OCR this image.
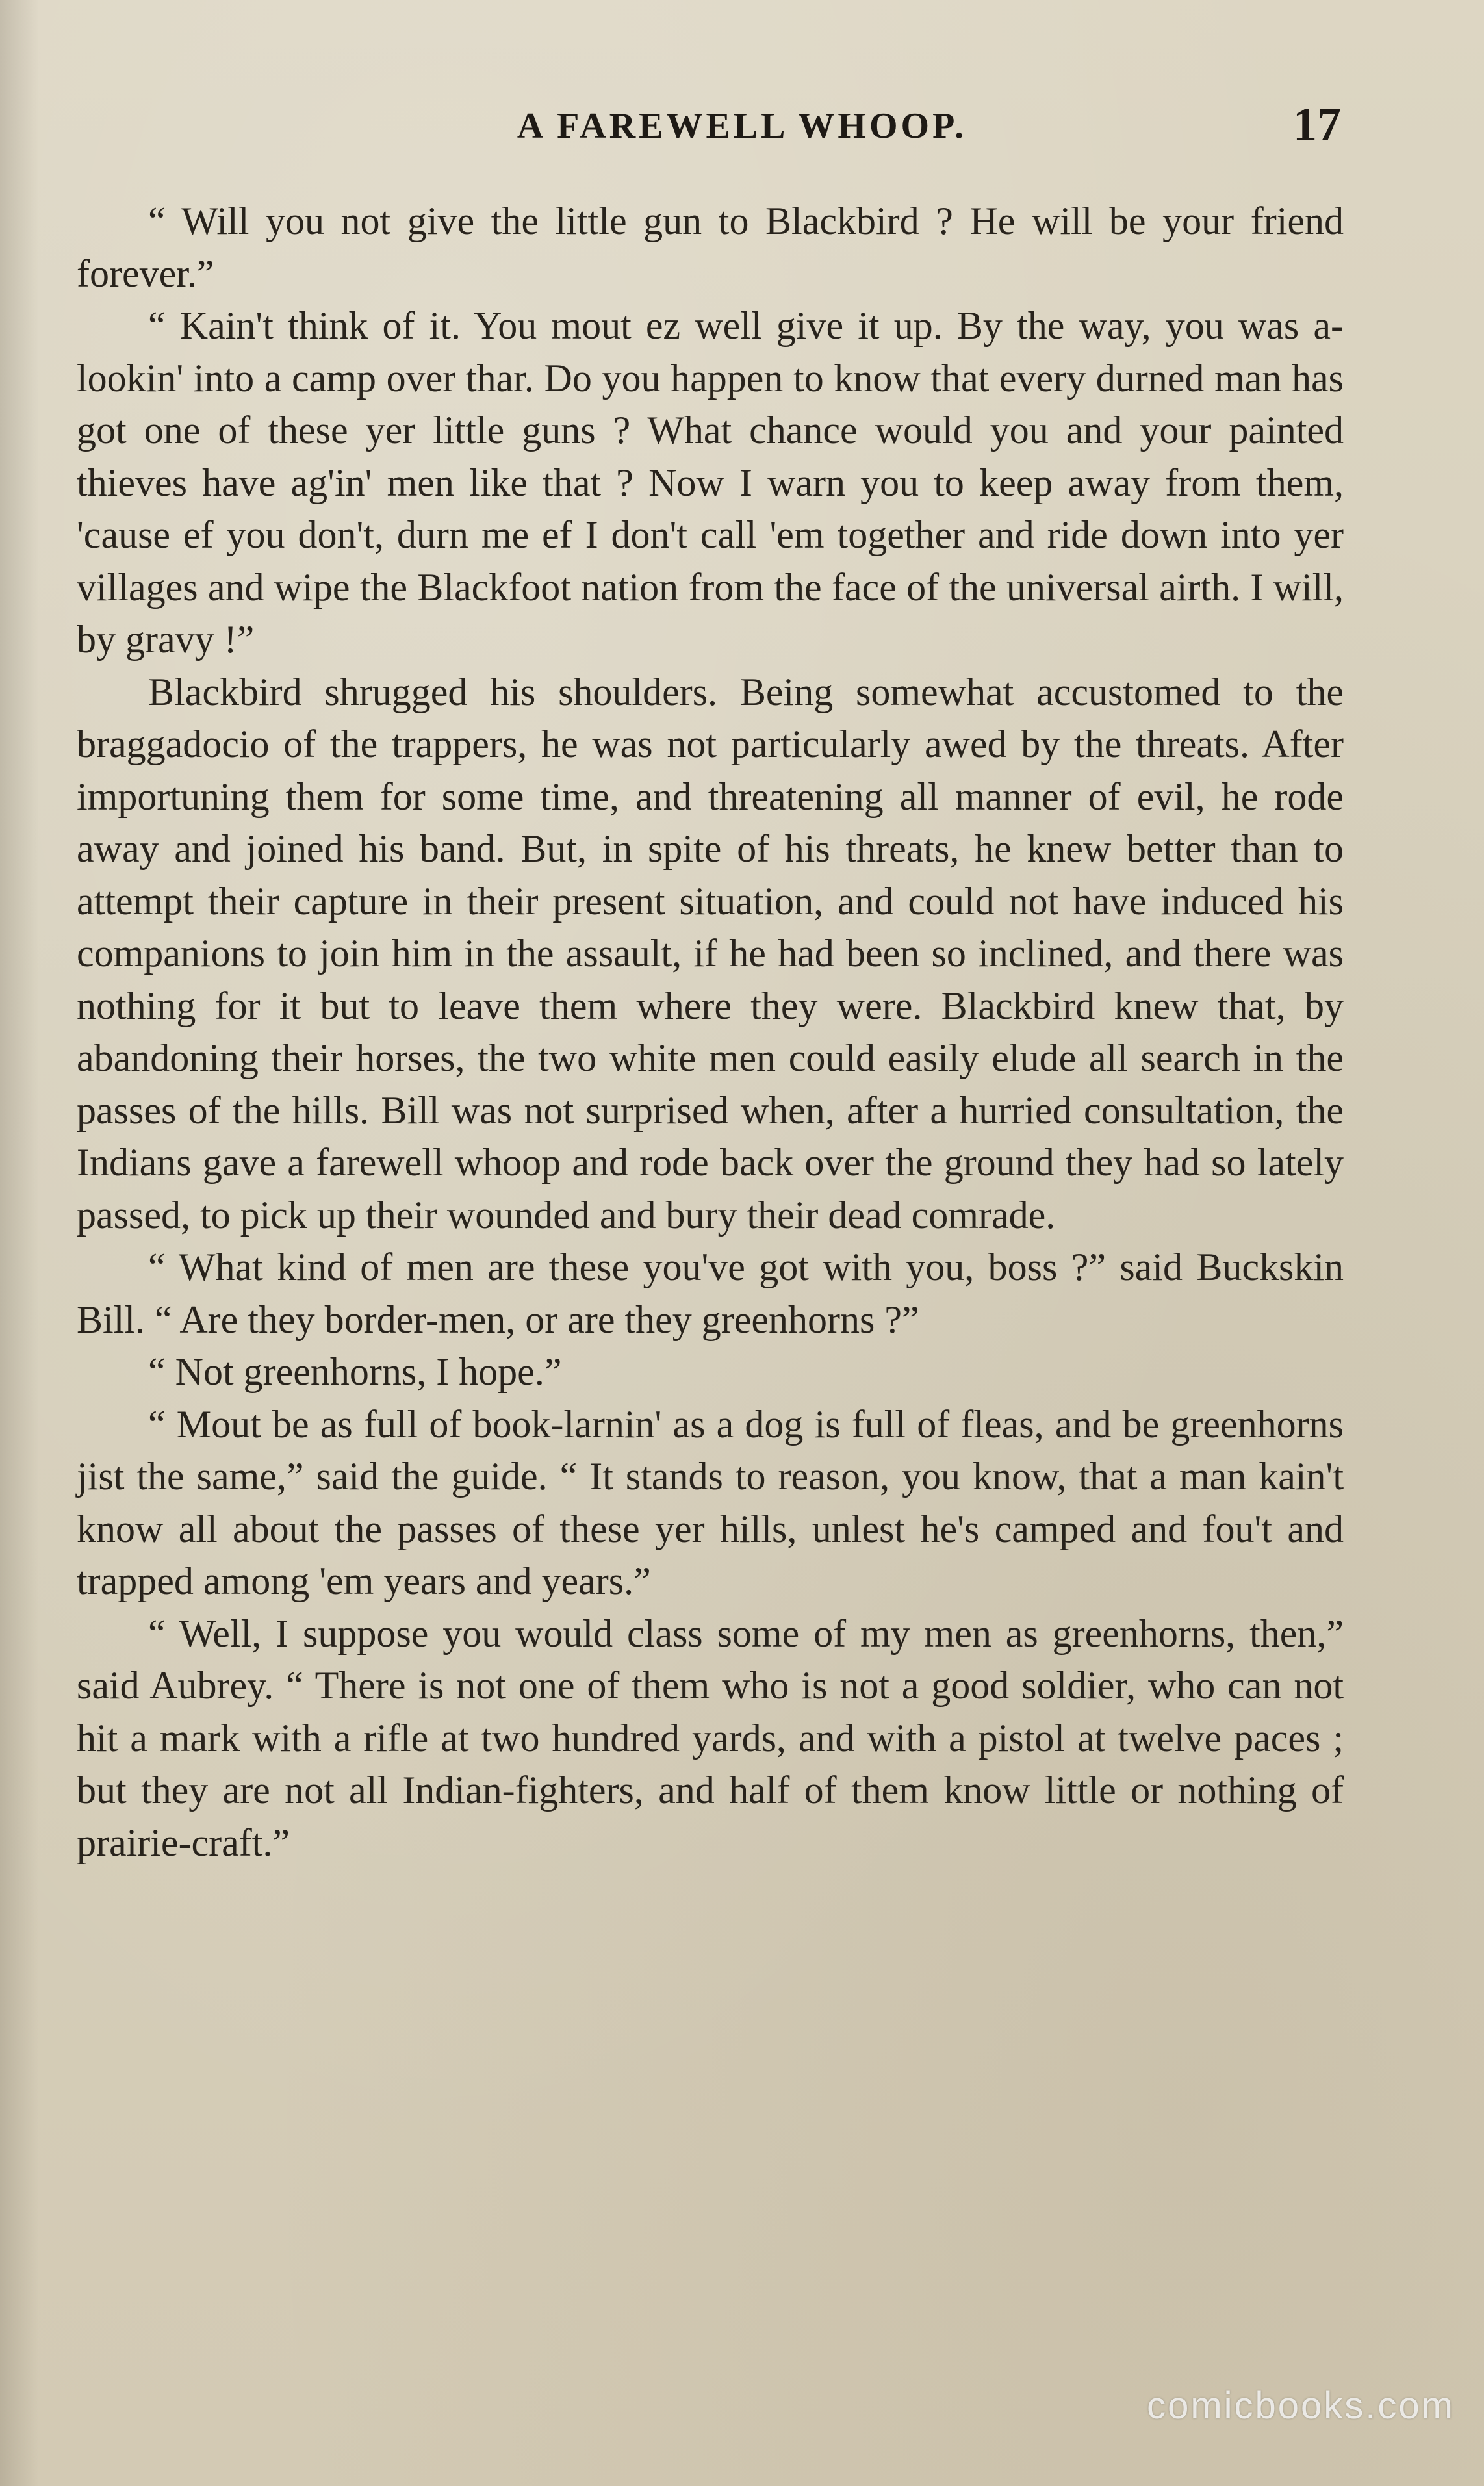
A FAREWELL WHOOP.	17

“ Will you not give the little gun to Blackbird ? He will be your friend forever.”

“ Kain't think of it. You mout ez well give it up. By the way, you was a-lookin' into a camp over thar. Do you happen to know that every durned man has got one of these yer little guns ? What chance would you and your painted thieves have ag'in' men like that ? Now I warn you to keep away from them, 'cause ef you don't, durn me ef I don't call 'em together and ride down into yer villages and wipe the Blackfoot nation from the face of the universal airth. I will, by gravy !”

Blackbird shrugged his shoulders. Being somewhat accustomed to the braggadocio of the trappers, he was not particularly awed by the threats. After importuning them for some time, and threatening all manner of evil, he rode away and joined his band. But, in spite of his threats, he knew better than to attempt their capture in their present situation, and could not have induced his companions to join him in the assault, if he had been so inclined, and there was nothing for it but to leave them where they were. Blackbird knew that, by abandoning their horses, the two white men could easily elude all search in the passes of the hills. Bill was not surprised when, after a hurried consultation, the Indians gave a farewell whoop and rode back over the ground they had so lately passed, to pick up their wounded and bury their dead comrade.

“ What kind of men are these you've got with you, boss ?” said Buckskin Bill. “ Are they border-men, or are they greenhorns ?”

“ Not greenhorns, I hope.”

“ Mout be as full of book-larnin' as a dog is full of fleas, and be greenhorns jist the same,” said the guide. “ It stands to reason, you know, that a man kain't know all about the passes of these yer hills, unlest he's camped and fou't and trapped among 'em years and years.”

“ Well, I suppose you would class some of my men as greenhorns, then,” said Aubrey. “ There is not one of them who is not a good soldier, who can not hit a mark with a rifle at two hundred yards, and with a pistol at twelve paces ; but they are not all Indian-fighters, and half of them know little or nothing of prairie-craft.”

comicbooks.com
